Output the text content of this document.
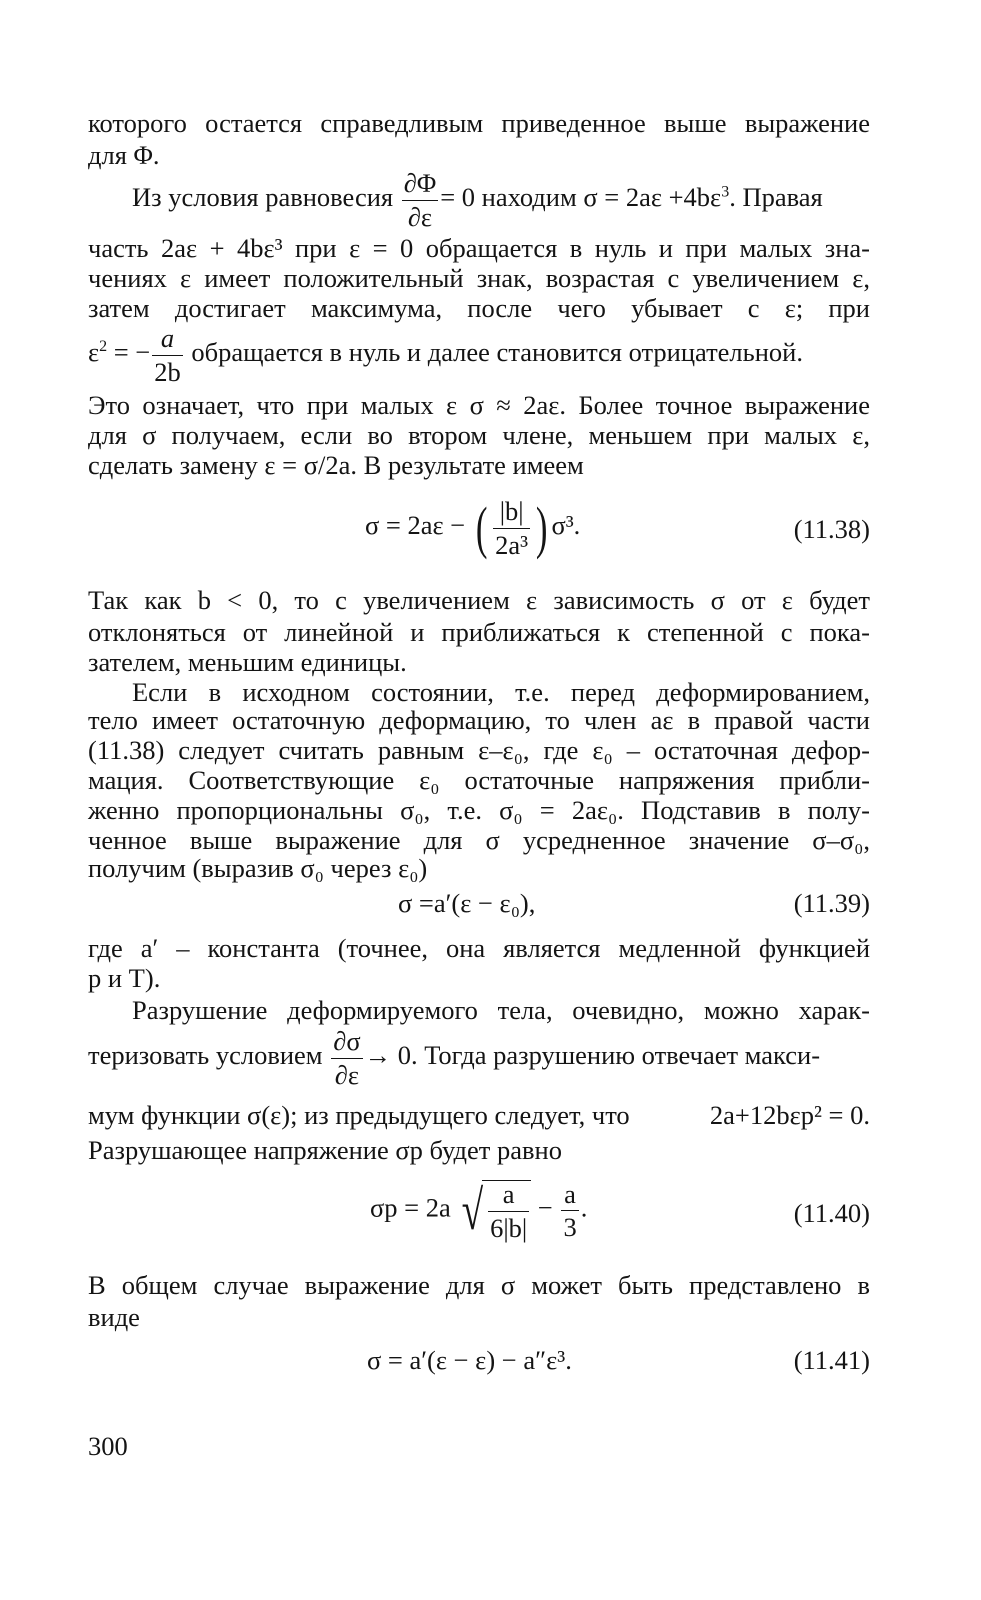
которого остается справедливым приведенное выше выражение
для Φ.
Из условия равновесия $\frac{\partial\Phi}{\partial\varepsilon} = 0$ находим $\sigma = 2a\varepsilon +4b\varepsilon^3$. Правая
часть 2aε + 4bε³ при ε = 0 обращается в нуль и при малых зна-
чениях ε имеет положительный знак, возрастая с увеличением ε,
затем достигает максимума, после чего убывает с ε; при
$\varepsilon^2$ = − $\frac{a}{2b}$ обращается в нуль и далее становится отрицательной.
Это означает, что при малых ε σ ≈ 2aε. Более точное выражение
для σ получаем, если во втором члене, меньшем при малых ε,
сделать замену ε = σ/2a. В результате имеем
σ = 2aε − ( $\frac{|b|}{\text{2a³}}$ ) σ³.	(11.38)
Так как b < 0, то с увеличением ε зависимость σ от ε будет
отклоняться от линейной и приближаться к степенной с пока-
зателем, меньшим единицы.
Если в исходном состоянии, т.е. перед деформированием,
тело имеет остаточную деформацию, то член aε в правой части
(11.38) следует считать равным ε–ε₀, где ε₀ – остаточная дефор-
мация. Соответствующие ε₀ остаточные напряжения прибли-
женно пропорциональны σ₀, т.е. σ₀ = 2aε₀. Подставив в полу-
ченное выше выражение для σ усредненное значение σ–σ₀,
получим (выразив σ₀ через ε₀)
σ =a′(ε − ε₀),	(11.39)
где a′ – константа (точнее, она является медленной функцией
p и T).
Разрушение деформируемого тела, очевидно, можно харак-
теризовать условием $\frac{\partial\sigma}{\partial\varepsilon} \to 0$. Тогда разрушению отвечает макси-
мум функции σ(ε); из предыдущего следует, что	2a+12bεp² = 0.
Разрушающее напряжение σp будет равно
σp = 2a √ $\frac{a}{6|b|} - \frac{a}{3}$ .	(11.40)
В общем случае выражение для σ может быть представлено в
виде
σ = a′(ε − ε) − a″ε³.	(11.41)
300
